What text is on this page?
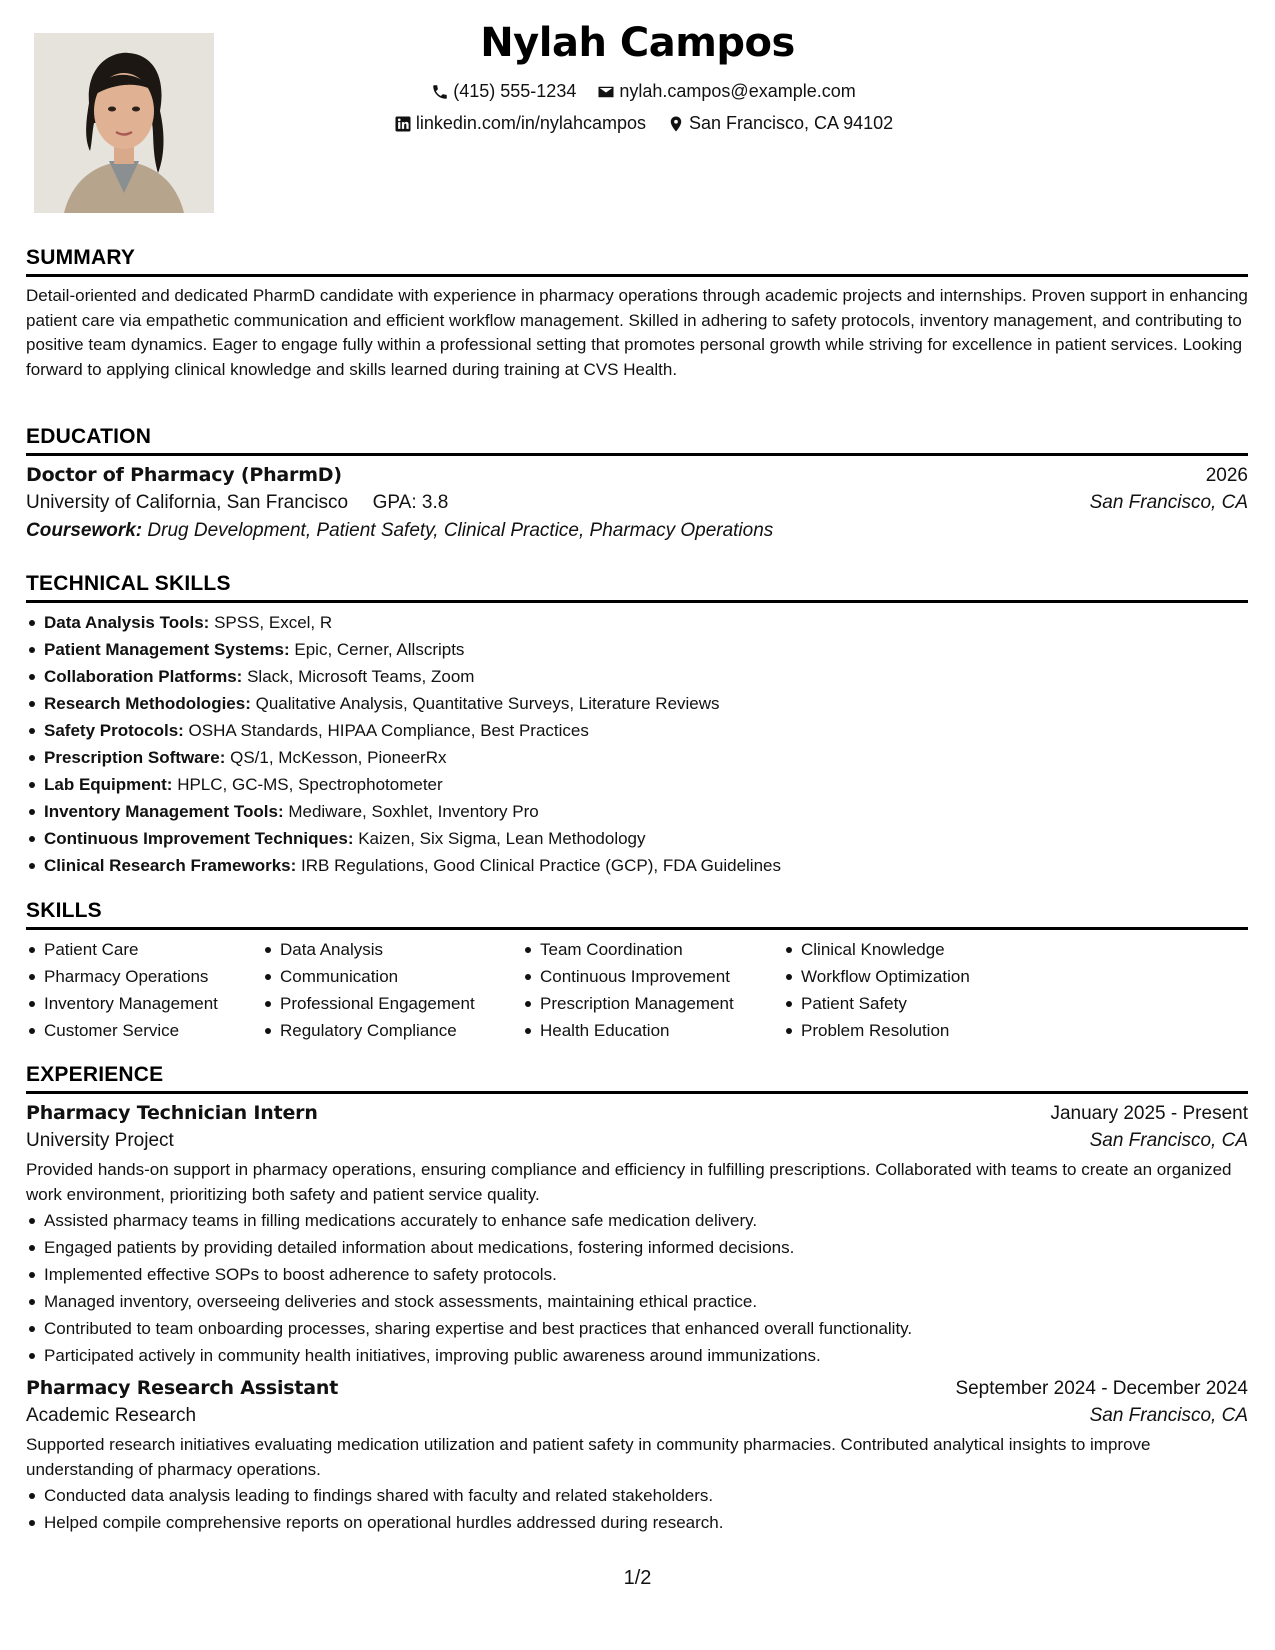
Nylah Campos
(415) 555-1234
nylah.campos@example.com
linkedin.com/in/nylahcampos
San Francisco, CA 94102
SUMMARY
Detail-oriented and dedicated PharmD candidate with experience in pharmacy operations through academic projects and internships. Proven support in enhancing patient care via empathetic communication and efficient workflow management. Skilled in adhering to safety protocols, inventory management, and contributing to positive team dynamics. Eager to engage fully within a professional setting that promotes personal growth while striving for excellence in patient services. Looking forward to applying clinical knowledge and skills learned during training at CVS Health.
EDUCATION
Doctor of Pharmacy (PharmD)	2026
University of California, San Francisco GPA: 3.8	San Francisco, CA
Coursework: Drug Development, Patient Safety, Clinical Practice, Pharmacy Operations
TECHNICAL SKILLS
Data Analysis Tools: SPSS, Excel, R
Patient Management Systems: Epic, Cerner, Allscripts
Collaboration Platforms: Slack, Microsoft Teams, Zoom
Research Methodologies: Qualitative Analysis, Quantitative Surveys, Literature Reviews
Safety Protocols: OSHA Standards, HIPAA Compliance, Best Practices
Prescription Software: QS/1, McKesson, PioneerRx
Lab Equipment: HPLC, GC-MS, Spectrophotometer
Inventory Management Tools: Mediware, Soxhlet, Inventory Pro
Continuous Improvement Techniques: Kaizen, Six Sigma, Lean Methodology
Clinical Research Frameworks: IRB Regulations, Good Clinical Practice (GCP), FDA Guidelines
SKILLS
Patient Care
Pharmacy Operations
Inventory Management
Customer Service
Data Analysis
Communication
Professional Engagement
Regulatory Compliance
Team Coordination
Continuous Improvement
Prescription Management
Health Education
Clinical Knowledge
Workflow Optimization
Patient Safety
Problem Resolution
EXPERIENCE
Pharmacy Technician Intern	January 2025 - Present
University Project	San Francisco, CA
Provided hands-on support in pharmacy operations, ensuring compliance and efficiency in fulfilling prescriptions. Collaborated with teams to create an organized work environment, prioritizing both safety and patient service quality.
Assisted pharmacy teams in filling medications accurately to enhance safe medication delivery.
Engaged patients by providing detailed information about medications, fostering informed decisions.
Implemented effective SOPs to boost adherence to safety protocols.
Managed inventory, overseeing deliveries and stock assessments, maintaining ethical practice.
Contributed to team onboarding processes, sharing expertise and best practices that enhanced overall functionality.
Participated actively in community health initiatives, improving public awareness around immunizations.
Pharmacy Research Assistant	September 2024 - December 2024
Academic Research	San Francisco, CA
Supported research initiatives evaluating medication utilization and patient safety in community pharmacies. Contributed analytical insights to improve understanding of pharmacy operations.
Conducted data analysis leading to findings shared with faculty and related stakeholders.
Helped compile comprehensive reports on operational hurdles addressed during research.
1/2
